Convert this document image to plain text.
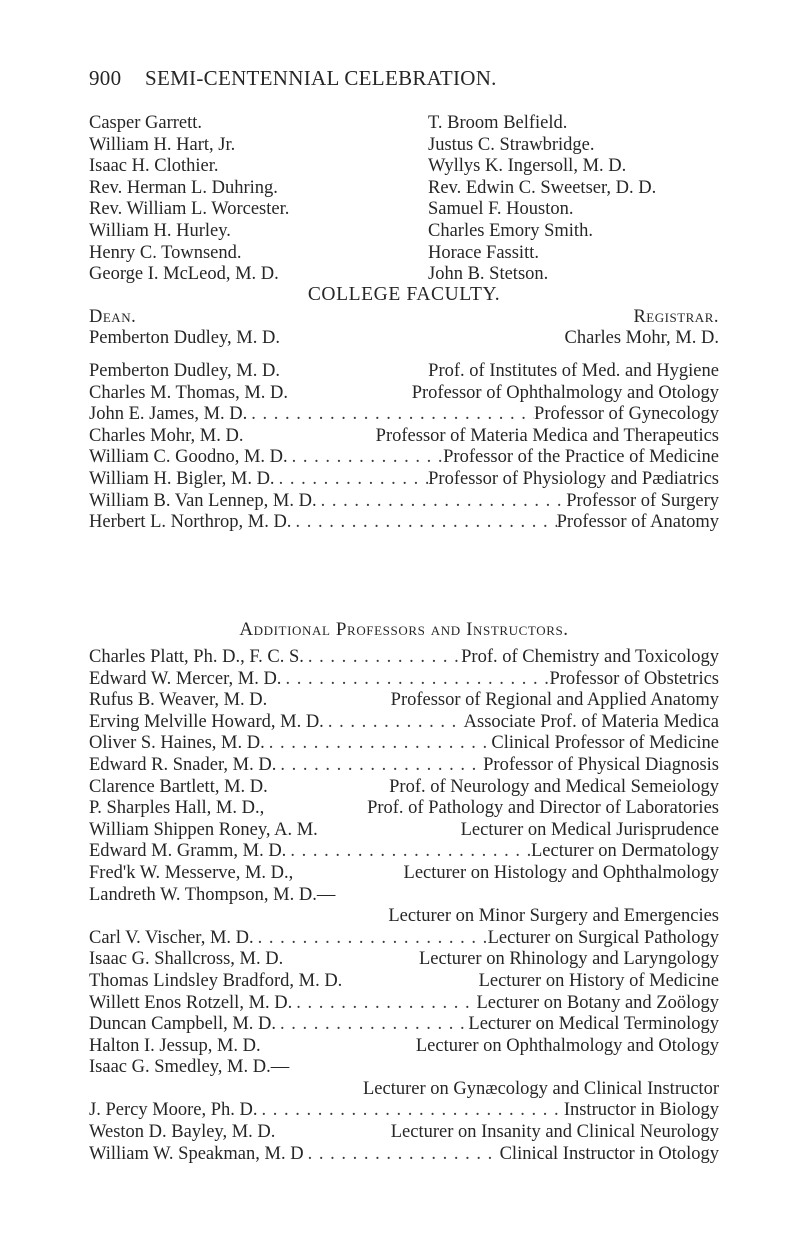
900 SEMI-CENTENNIAL CELEBRATION.
Casper Garrett.
William H. Hart, Jr.
Isaac H. Clothier.
Rev. Herman L. Duhring.
Rev. William L. Worcester.
William H. Hurley.
Henry C. Townsend.
George I. McLeod, M. D.
T. Broom Belfield.
Justus C. Strawbridge.
Wyllys K. Ingersoll, M. D.
Rev. Edwin C. Sweetser, D. D.
Samuel F. Houston.
Charles Emory Smith.
Horace Fassitt.
John B. Stetson.
COLLEGE FACULTY.
Dean.	Registrar.
Pemberton Dudley, M. D.	Charles Mohr, M. D.
Pemberton Dudley, M. D.	Prof. of Institutes of Med. and Hygiene
Charles M. Thomas, M. D.	Professor of Ophthalmology and Otology
John E. James, M. D. . . .	Professor of Gynecology
Charles Mohr, M. D.	Professor of Materia Medica and Therapeutics
William C. Goodno, M. D. . . .	Professor of the Practice of Medicine
William H. Bigler, M. D. . . .	Professor of Physiology and Pædiatrics
William B. Van Lennep, M. D. . . .	Professor of Surgery
Herbert L. Northrop, M. D. . . .	Professor of Anatomy
Additional Professors and Instructors.
Charles Platt, Ph. D., F. C. S. . . .	Prof. of Chemistry and Toxicology
Edward W. Mercer, M. D. . . .	Professor of Obstetrics
Rufus B. Weaver, M. D.	Professor of Regional and Applied Anatomy
Erving Melville Howard, M. D. . . .	Associate Prof. of Materia Medica
Oliver S. Haines, M. D. . . .	Clinical Professor of Medicine
Edward R. Snader, M. D. . . .	Professor of Physical Diagnosis
Clarence Bartlett, M. D.	Prof. of Neurology and Medical Semeiology
P. Sharples Hall, M. D.,	Prof. of Pathology and Director of Laboratories
William Shippen Roney, A. M.	Lecturer on Medical Jurisprudence
Edward M. Gramm, M. D. . . .	Lecturer on Dermatology
Fred'k W. Messerve, M. D.,	Lecturer on Histology and Ophthalmology
Landreth W. Thompson, M. D.—
Lecturer on Minor Surgery and Emergencies
Carl V. Vischer, M. D. . . .	Lecturer on Surgical Pathology
Isaac G. Shallcross, M. D.	Lecturer on Rhinology and Laryngology
Thomas Lindsley Bradford, M. D.	Lecturer on History of Medicine
Willett Enos Rotzell, M. D. . . .	Lecturer on Botany and Zoölogy
Duncan Campbell, M. D. . . .	Lecturer on Medical Terminology
Halton I. Jessup, M. D.	Lecturer on Ophthalmology and Otology
Isaac G. Smedley, M. D.—
Lecturer on Gynæcology and Clinical Instructor
J. Percy Moore, Ph. D. . . .	Instructor in Biology
Weston D. Bayley, M. D.	Lecturer on Insanity and Clinical Neurology
William W. Speakman, M. D . . .	Clinical Instructor in Otology
